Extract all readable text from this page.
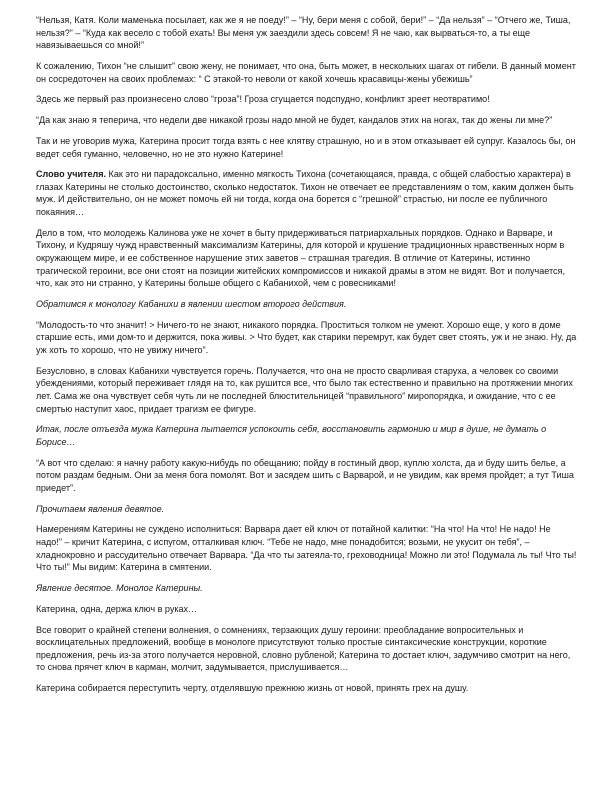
“Нельзя, Катя. Коли маменька посылает, как же я не поеду!” – “Ну, бери меня с собой, бери!” – “Да нельзя” – “Отчего же, Тиша, нельзя?” – “Куда как весело с тобой ехать! Вы меня уж заездили здесь совсем! Я не чаю, как вырваться-то, а ты еще навязываешься со мной!”

К сожалению, Тихон “не слышит” свою жену, не понимает, что она, быть может, в нескольких шагах от гибели. В данный момент он сосредоточен на своих проблемах: “ С этакой-то неволи от какой хочешь красавицы-жены убежишь”

Здесь же первый раз произнесено слово “гроза”! Гроза сгущается подспудно, конфликт зреет неотвратимо!

“Да как знаю я теперича, что недели две никакой грозы надо мной не будет, кандалов этих на ногах, так до жены ли мне?”

Так и не уговорив мужа, Катерина просит тогда взять с нее клятву страшную, но и в этом отказывает ей супруг. Казалось бы, он ведет себя гуманно, человечно, но не это нужно Катерине!

Слово учителя. Как это ни парадоксально, именно мягкость Тихона (сочетающаяся, правда, с общей слабостью характера) в глазах Катерины не столько достоинство, сколько недостаток. Тихон не отвечает ее представлениям о том, каким должен быть муж. И действительно, он не может помочь ей ни тогда, когда она борется с “грешной” страстью, ни после ее публичного покаяния…

Дело в том, что молодежь Калинова уже не хочет в быту придерживаться патриархальных порядков. Однако и Варваре, и Тихону, и Кудряшу чужд нравственный максимализм Катерины, для которой и крушение традиционных нравственных норм в окружающем мире, и ее собственное нарушение этих заветов – страшная трагедия. В отличие от Катерины, истинно трагической героини, все они стоят на позиции житейских компромиссов и никакой драмы в этом не видят. Вот и получается, что, как это ни странно, у Катерины больше общего с Кабанихой, чем с ровесниками!

Обратимся к монологу Кабанихи в явлении шестом второго действия.

“Молодость-то что значит! > Ничего-то не знают, никакого порядка. Проститься толком не умеют. Хорошо еще, у кого в доме старшие есть, ими дом-то и держится, пока живы. > Что будет, как старики перемрут, как будет свет стоять, уж и не знаю. Ну, да уж хоть то хорошо, что не увижу ничего”.

Безусловно, в словах Кабанихи чувствуется горечь. Получается, что она не просто сварливая старуха, а человек со своими убеждениями, который переживает глядя на то, как рушится все, что было так естественно и правильно на протяжении многих лет. Сама же она чувствует себя чуть ли не последней блюстительницей “правильного” миропорядка, и ожидание, что с ее смертью наступит хаос, придает трагизм ее фигуре.

Итак, после отъезда мужа Катерина пытается успокоить себя, восстановить гармонию и мир в душе, не думать о Борисе…

“А вот что сделаю: я начну работу какую-нибудь по обещанию; пойду в гостиный двор, куплю холста, да и буду шить белье, а потом раздам бедным. Они за меня бога помолят. Вот и засядем шить с Варварой, и не увидим, как время пройдет; а тут Тиша приедет”.

Прочитаем явления девятое.

Намерениям Катерины не суждено исполниться: Варвара дает ей ключ от потайной калитки: “На что! На что! Не надо! Не надо!” – кричит Катерина, с испугом, отталкивая ключ. “Тебе не надо, мне понадобится; возьми, не укусит он тебя”, – хладнокровно и рассудительно отвечает Варвара. “Да что ты затеяла-то, греховодница! Можно ли это! Подумала ль ты! Что ты! Что ты!” Мы видим: Катерина в смятении.

Явление десятое. Монолог Катерины.

Катерина, одна, держа ключ в руках…

Все говорит о крайней степени волнения, о сомнениях, терзающих душу героини: преобладание вопросительных и восклицательных предложений, вообще в монологе присутствуют только простые синтаксические конструкции, короткие предложения, речь из-за этого получается неровной, словно рубленой; Катерина то достает ключ, задумчиво смотрит на него, то снова прячет ключ в карман, молчит, задумывается, прислушивается…

Катерина собирается переступить черту, отделявшую прежнюю жизнь от новой, принять грех на душу.
